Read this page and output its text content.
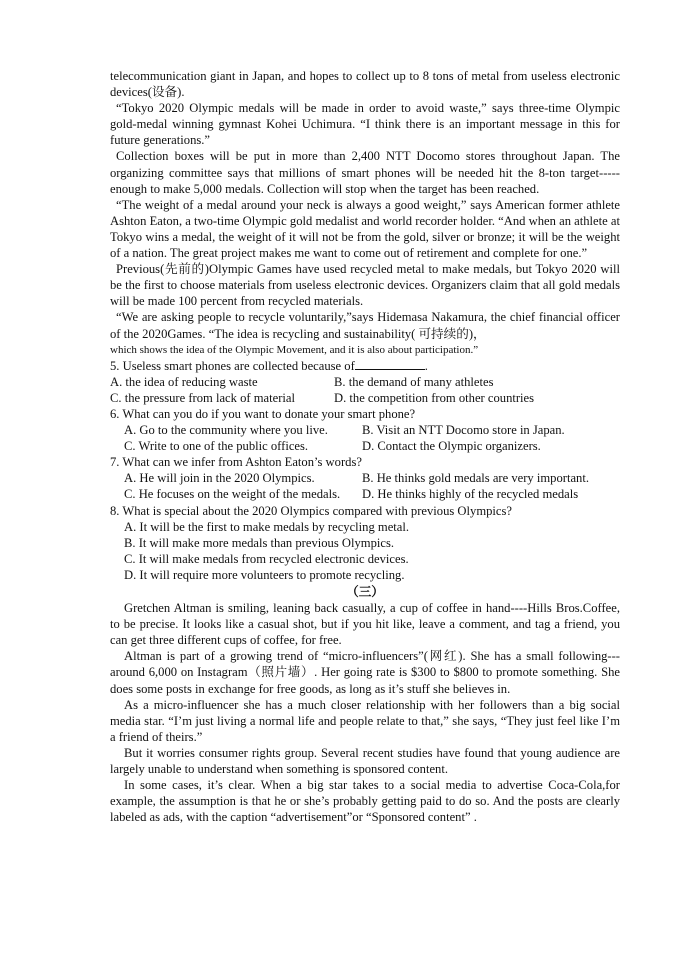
telecommunication giant in Japan, and hopes to collect up to 8 tons of metal from useless electronic devices(设备).

“Tokyo 2020 Olympic medals will be made in order to avoid waste,” says three-time Olympic gold-medal winning gymnast Kohei Uchimura. “I think there is an important message in this for future generations.”

Collection boxes will be put in more than 2,400 NTT Docomo stores throughout Japan. The organizing committee says that millions of smart phones will be needed hit the 8-ton target-----enough to make 5,000 medals. Collection will stop when the target has been reached.

“The weight of a medal around your neck is always a good weight,” says American former athlete Ashton Eaton, a two-time Olympic gold medalist and world recorder holder. “And when an athlete at Tokyo wins a medal, the weight of it will not be from the gold, silver or bronze; it will be the weight of a nation. The great project makes me want to come out of retirement and complete for one.”

Previous(先前的)Olympic Games have used recycled metal to make medals, but Tokyo 2020 will be the first to choose materials from useless electronic devices. Organizers claim that all gold medals will be made 100 percent from recycled materials.

“We are asking people to recycle voluntarily,”says Hidemasa Nakamura, the chief financial officer of the 2020Games. “The idea is recycling and sustainability( 可持续的)，

which shows the idea of the Olympic Movement, and it is also about participation.”

5. Useless smart phones are collected because of	.

A. the idea of reducing waste	B. the demand of many athletes

C. the pressure from lack of material	D. the competition from other countries

6. What can you do if you want to donate your smart phone?

A. Go to the community where you live.	B. Visit an NTT Docomo store in Japan.

C. Write to one of the public offices.	D. Contact the Olympic organizers.

7. What can we infer from Ashton Eaton’s words?

A. He will join in the 2020 Olympics.	B. He thinks gold medals are very important.

C. He focuses on the weight of the medals. D. He thinks highly of the recycled medals

8. What is special about the 2020 Olympics compared with previous Olympics?

A. It will be the first to make medals by recycling metal.

B. It will make more medals than previous Olympics.

C. It will make medals from recycled electronic devices.

D. It will require more volunteers to promote recycling.

（三）

Gretchen Altman is smiling, leaning back casually, a cup of coffee in hand----Hills Bros.Coffee, to be precise. It looks like a casual shot, but if you hit like, leave a comment, and tag a friend, you can get three different cups of coffee, for free.

Altman is part of a growing trend of “micro-influencers”(网红). She has a small following---around 6,000 on Instagram（照片墙）. Her going rate is $300 to $800 to promote something. She does some posts in exchange for free goods, as long as it’s stuff she believes in.

As a micro-influencer she has a much closer relationship with her followers than a big social media star. “I’m just living a normal life and people relate to that,” she says, “They just feel like I’m a friend of theirs.”

But it worries consumer rights group. Several recent studies have found that young audience are largely unable to understand when something is sponsored content.

In some cases, it’s clear. When a big star takes to a social media to advertise Coca-Cola,for example, the assumption is that he or she’s probably getting paid to do so. And the posts are clearly labeled as ads, with the caption “advertisement”or “Sponsored content” .
